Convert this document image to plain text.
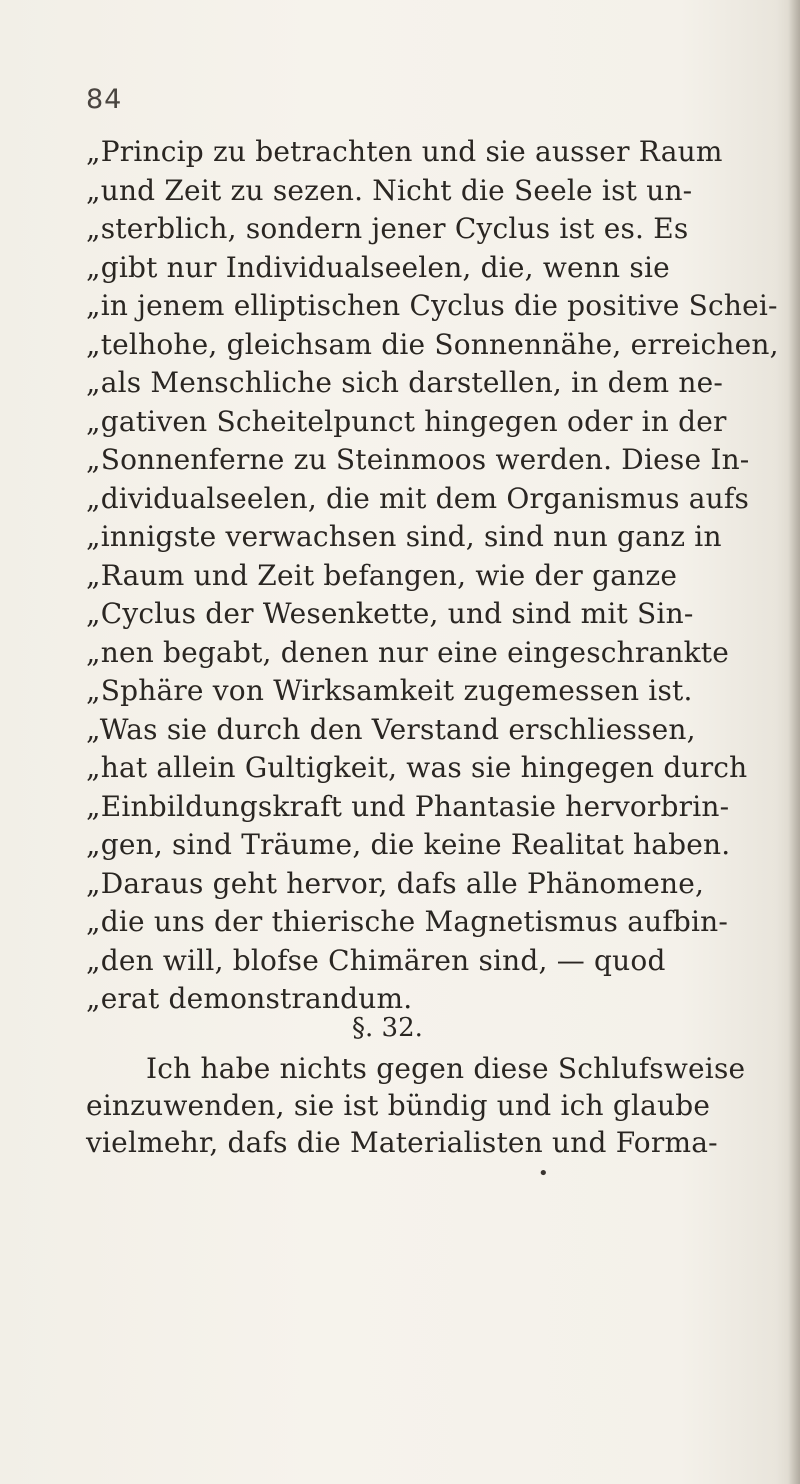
84
„Princip zu betrachten und sie ausser Raum
„und Zeit zu sezen. Nicht die Seele ist un-
„sterblich, sondern jener Cyclus ist es. Es
„gibt nur Individualseelen, die, wenn sie
„in jenem elliptischen Cyclus die positive Schei-
„telhohe, gleichsam die Sonnennähe, erreichen,
„als Menschliche sich darstellen, in dem ne-
„gativen Scheitelpunct hingegen oder in der
„Sonnenferne zu Steinmoos werden. Diese In-
„dividualseelen, die mit dem Organismus aufs
„innigste verwachsen sind, sind nun ganz in
„Raum und Zeit befangen, wie der ganze
„Cyclus der Wesenkette, und sind mit Sin-
„nen begabt, denen nur eine eingeschrankte
„Sphäre von Wirksamkeit zugemessen ist.
„Was sie durch den Verstand erschliessen,
„hat allein Gultigkeit, was sie hingegen durch
„Einbildungskraft und Phantasie hervorbrin-
„gen, sind Träume, die keine Realitat haben.
„Daraus geht hervor, dafs alle Phänomene,
„die uns der thierische Magnetismus aufbin-
„den will, blofse Chimären sind, — quod
„erat demonstrandum.
§. 32.
Ich habe nichts gegen diese Schlufsweise
einzuwenden, sie ist bündig und ich glaube
vielmehr, dafs die Materialisten und Forma-
•
